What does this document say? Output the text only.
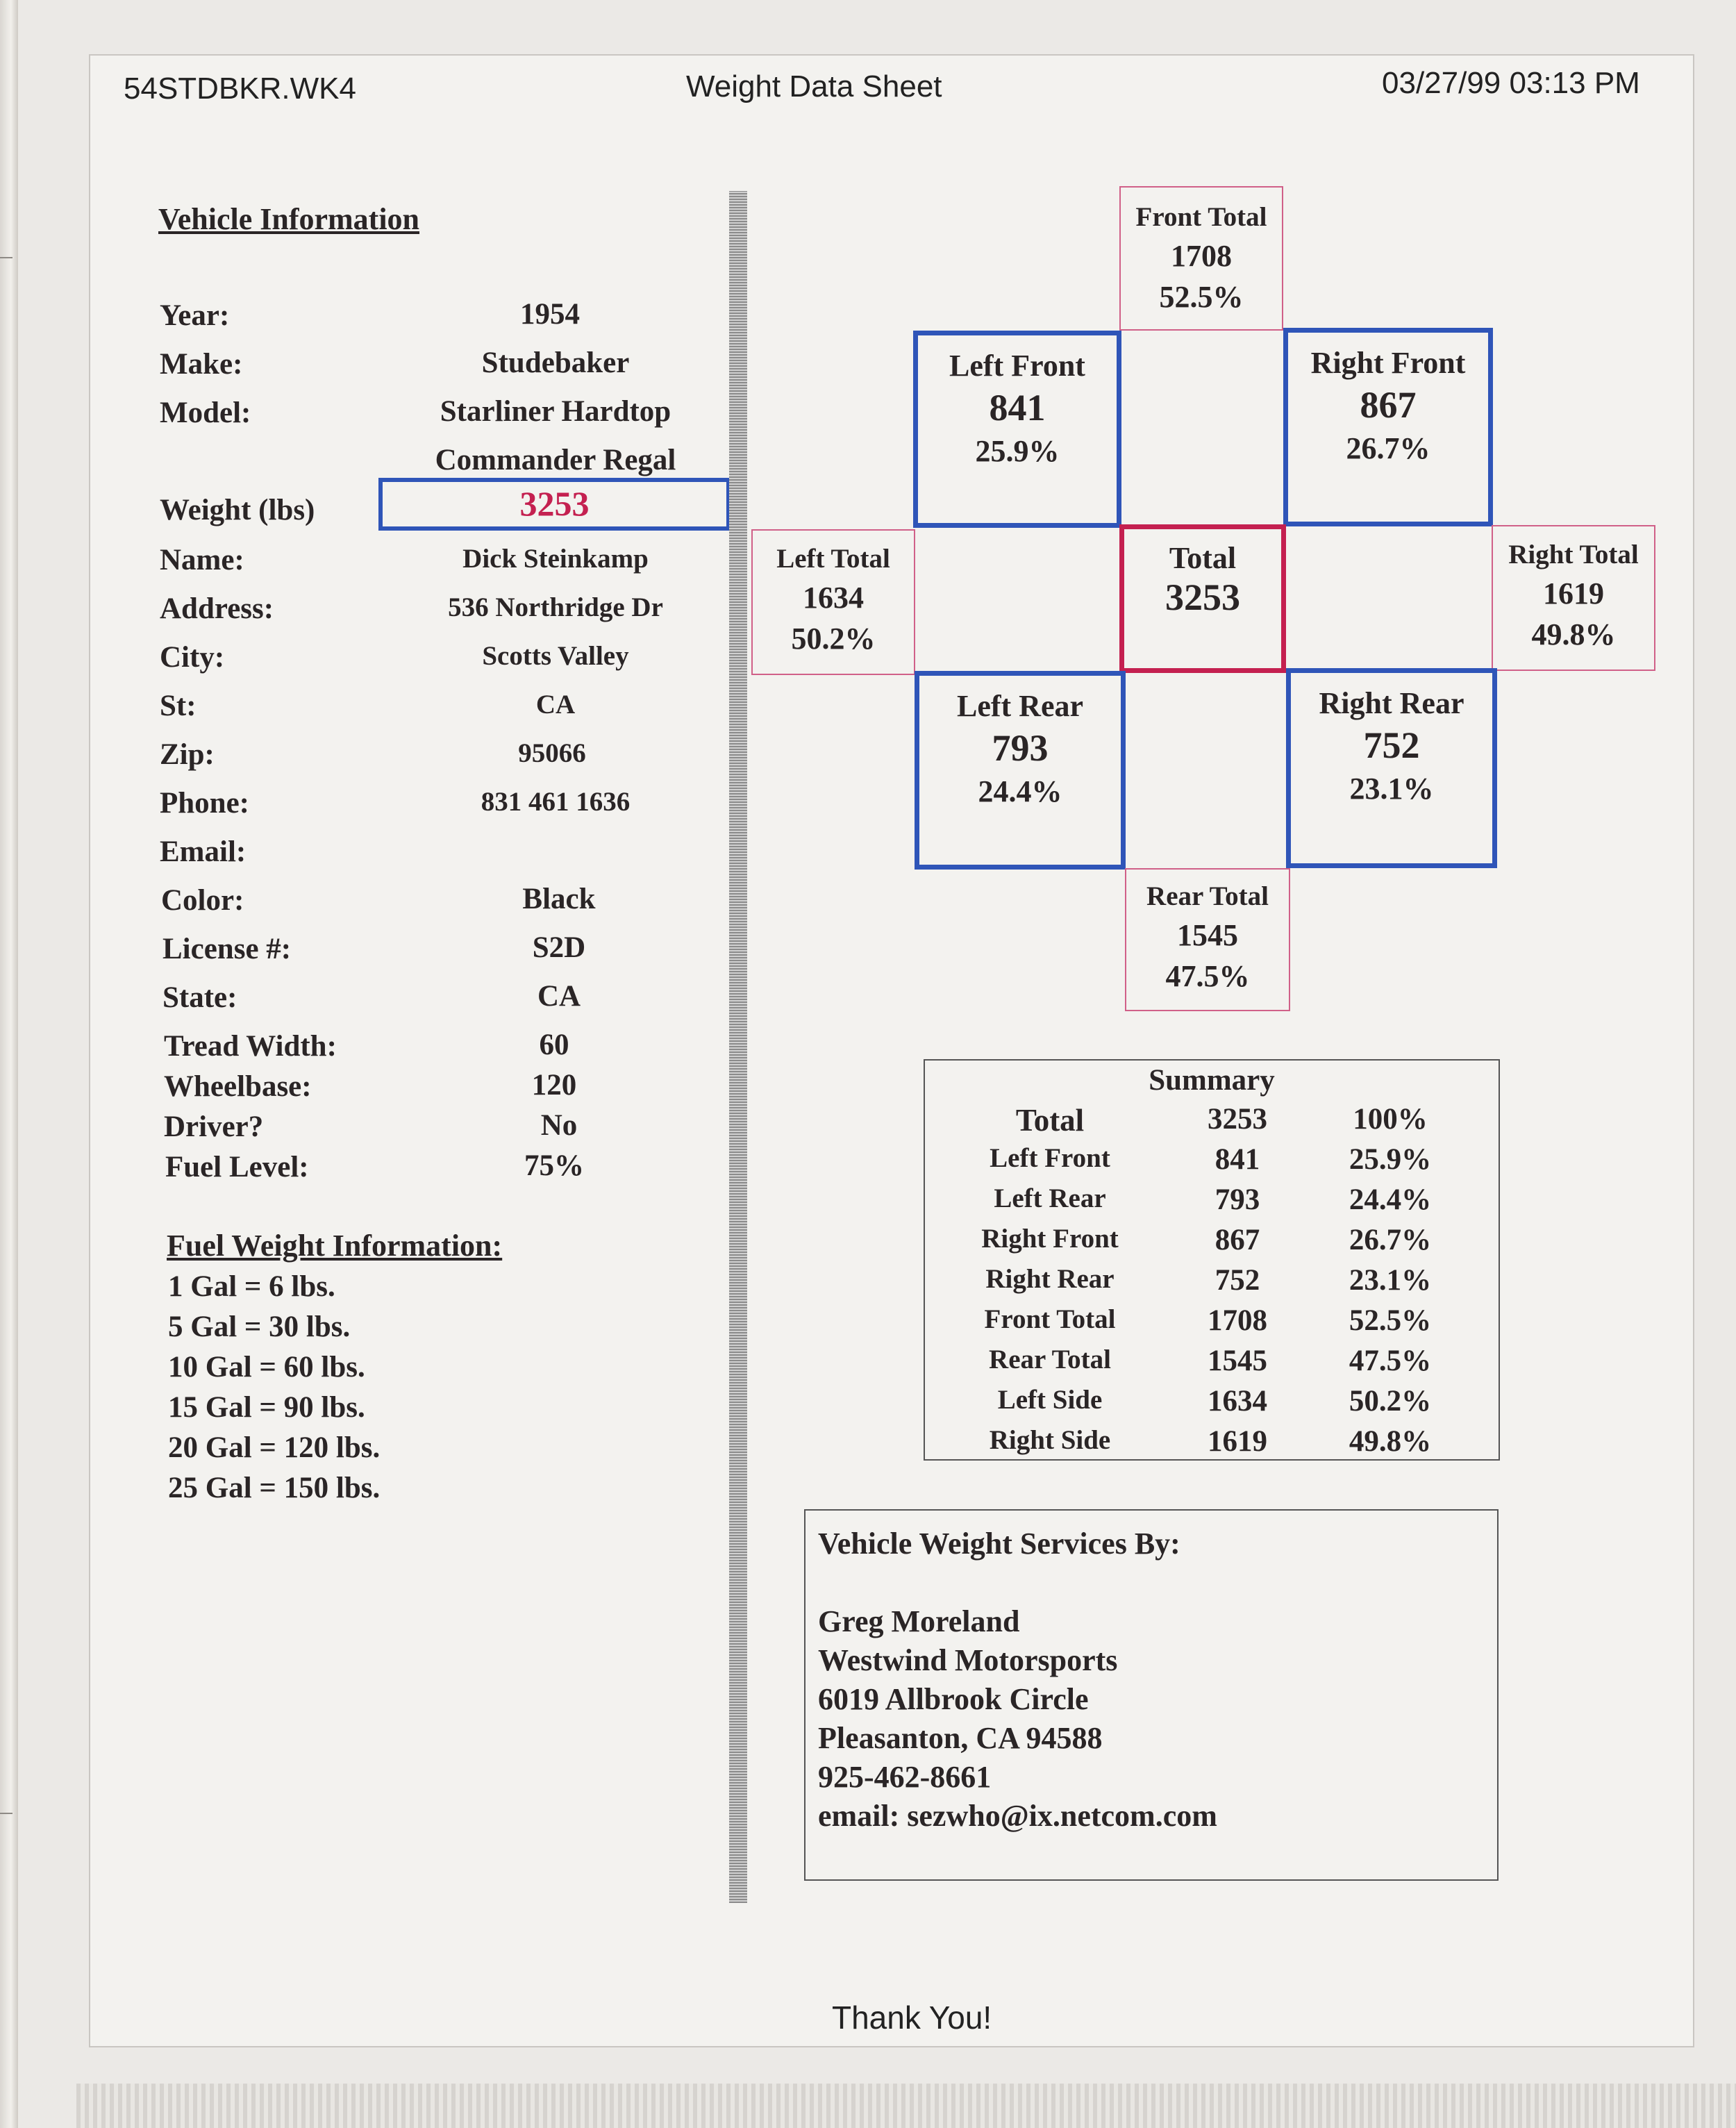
54STDBKR.WK4	Weight Data Sheet	03/27/99 03:13 PM
Vehicle Information
Year:	1954
Make:	Studebaker
Model:	Starliner Hardtop
Commander Regal
Weight (lbs)	3253
Name:	Dick Steinkamp
Address:	536 Northridge Dr
City:	Scotts Valley
St:	CA
Zip:	95066
Phone:	831 461 1636
Email:
Color:	Black
License #:	S2D
State:	CA
Tread Width:	60
Wheelbase:	120
Driver?	No
Fuel Level:	75%
Fuel Weight Information:
1 Gal = 6 lbs.
5 Gal = 30 lbs.
10 Gal = 60 lbs.
15 Gal = 90 lbs.
20 Gal = 120 lbs.
25 Gal = 150 lbs.
Front Total
1708
52.5%
Left Front
841
25.9%
Right Front
867
26.7%
Left Total
1634
50.2%
Total
3253
Right Total
1619
49.8%
Left Rear
793
24.4%
Right Rear
752
23.1%
Rear Total
1545
47.5%
Summary
Total	3253	100%
Left Front	841	25.9%
Left Rear	793	24.4%
Right Front	867	26.7%
Right Rear	752	23.1%
Front Total	1708	52.5%
Rear Total	1545	47.5%
Left Side	1634	50.2%
Right Side	1619	49.8%
Vehicle Weight Services By:
Greg Moreland
Westwind Motorsports
6019 Allbrook Circle
Pleasanton, CA 94588
925-462-8661
email: sezwho@ix.netcom.com
Thank You!
